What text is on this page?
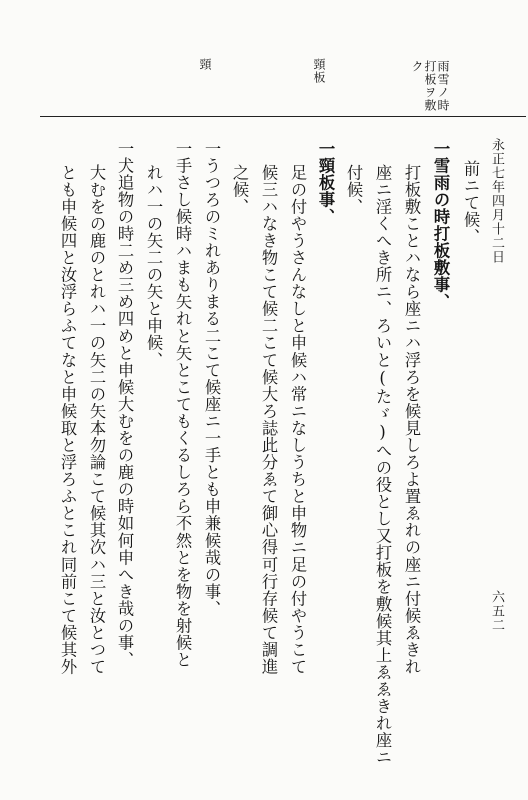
永正七年四月十二日
六五二
雨雪ノ時
打板ヲ敷
ク
頸板
頸
前ニて候、
一雪雨の時打板敷事、
打板敷ことハなら座ニハ浮ろを候見しろよ置ゑれの座ニ付候ゑきれ
座ニ淫くへき所ニ、ろいと(たゞ)への役とし又打板を敷候其上ゑゑきれ座ニ
付候、
一頸板事、
足の付やうさんなしと申候ハ常ニなしうちと申物ニ足の付やうこて
候三ハなき物こて候二こて候大ろ誌此分ゑて御心得可行存候て調進
之候、
一うつろのミれありまる二こて候座ニ一手とも申兼候哉の事、
一手さし候時ハまも矢れと矢とこてもくるしろら不然とを物を射候と
れハ一の矢二の矢と申候、
一犬追物の時二め三め四めと申候大むをの鹿の時如何申へき哉の事、
大むをの鹿のとれハ一の矢二の矢本勿論こて候其次ハ三と汝とつて
とも申候四と汝浮らふてなと申候取と浮ろふとこれ同前こて候其外
